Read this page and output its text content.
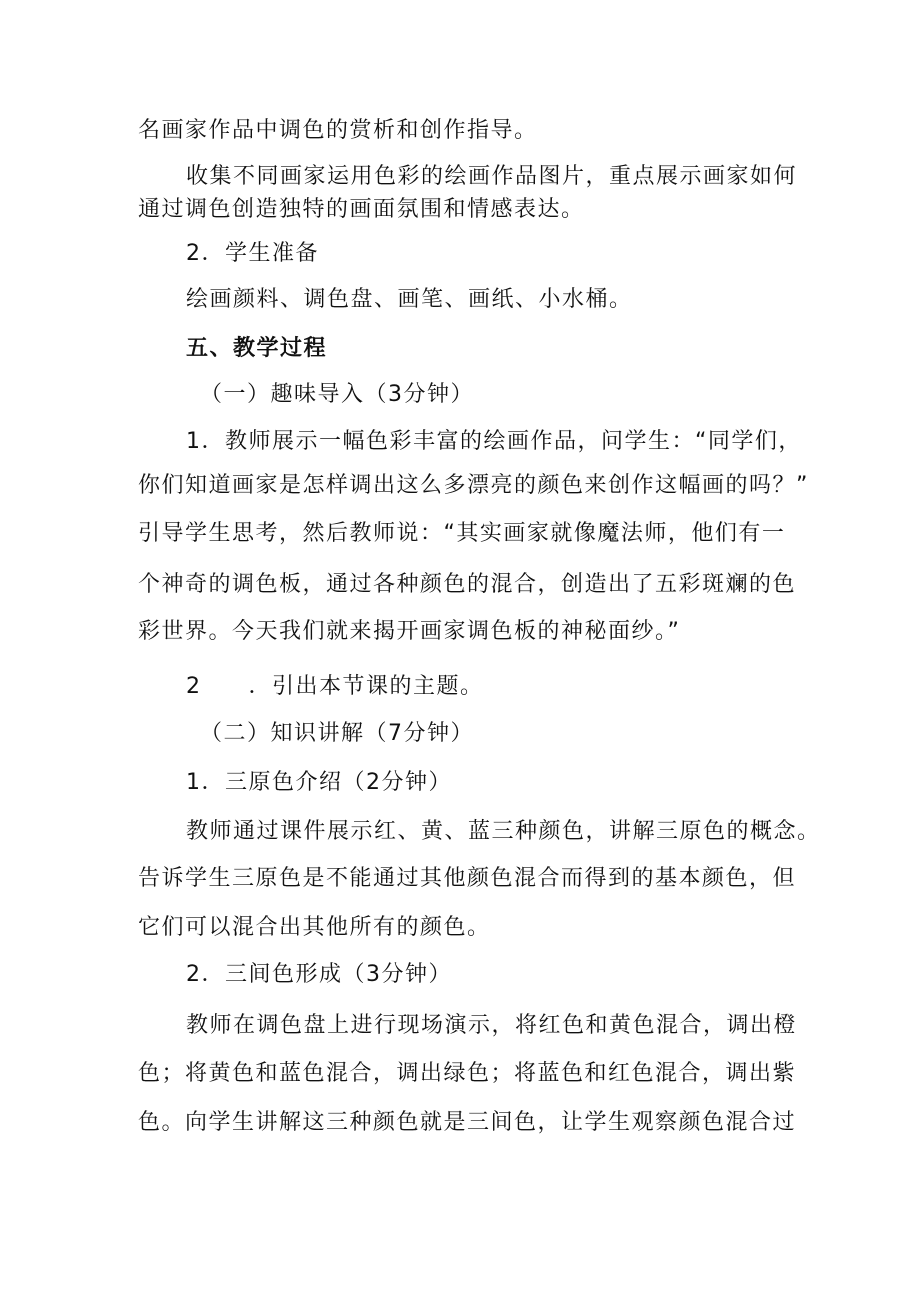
名画家作品中调色的赏析和创作指导。
收集不同画家运用色彩的绘画作品图片，重点展示画家如何
通过调色创造独特的画面氛围和情感表达。
2．学生准备
绘画颜料、调色盘、画笔、画纸、小水桶。
五、教学过程
（一）趣味导入（3分钟）
1．教师展示一幅色彩丰富的绘画作品，问学生：“同学们，
你们知道画家是怎样调出这么多漂亮的颜色来创作这幅画的吗？”
引导学生思考，然后教师说：“其实画家就像魔法师，他们有一
个神奇的调色板，通过各种颜色的混合，创造出了五彩斑斓的色
彩世界。今天我们就来揭开画家调色板的神秘面纱。”
2　　．引出本节课的主题。
（二）知识讲解（7分钟）
1．三原色介绍（2分钟）
教师通过课件展示红、黄、蓝三种颜色，讲解三原色的概念。
告诉学生三原色是不能通过其他颜色混合而得到的基本颜色，但
它们可以混合出其他所有的颜色。
2．三间色形成（3分钟）
教师在调色盘上进行现场演示，将红色和黄色混合，调出橙
色；将黄色和蓝色混合，调出绿色；将蓝色和红色混合，调出紫
色。向学生讲解这三种颜色就是三间色，让学生观察颜色混合过
